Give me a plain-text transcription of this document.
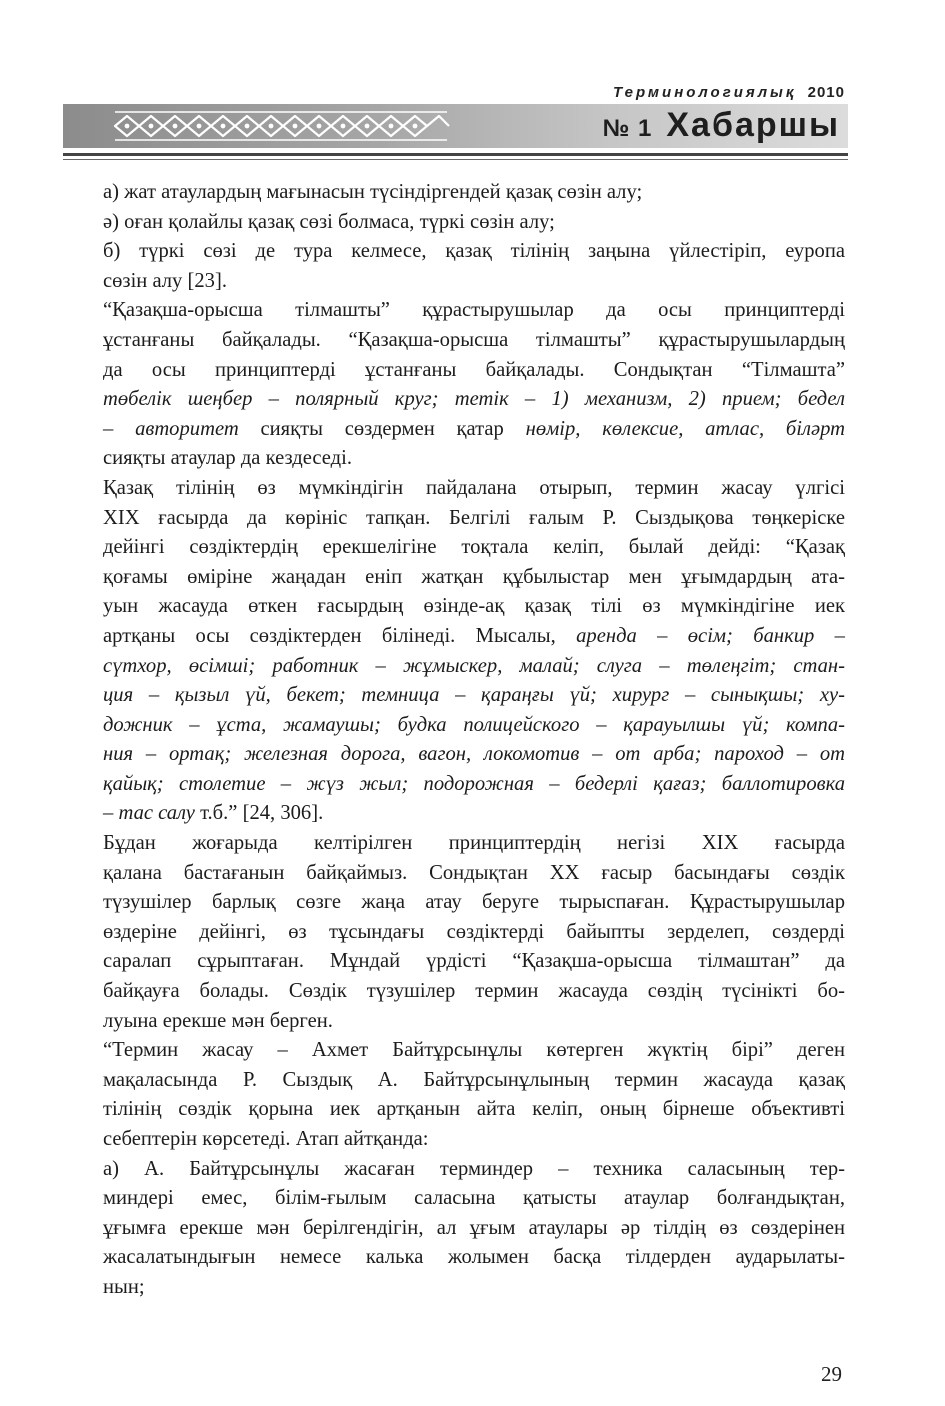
Терминологиялық 2010
№ 1 Хабаршы
а) жат атаулардың мағынасын түсіндіргендей қазақ сөзін алу;
ә) оған қолайлы қазақ сөзі болмаса, түркі сөзін алу;
б) түркі сөзі де тура келмесе, қазақ тілінің заңына үйлестіріп, еуропа
сөзін алу [23].
“Қазақша-орысша тілмашты” құрастырушылар да осы принциптерді
ұстанғаны байқалады. “Қазақша-орысша тілмашты” құрастырушылардың
да осы принциптерді ұстанғаны байқалады. Сондықтан “Тілмашта”
төбелік шеңбер – полярный круг; тетік – 1) механизм, 2) прием; бедел
– авторитет сияқты сөздермен қатар нөмір, көлексие, атлас, біләрт
сияқты атаулар да кездеседі.
Қазақ тілінің өз мүмкіндігін пайдалана отырып, термин жасау үлгісі
XIX ғасырда да көрініс тапқан. Белгілі ғалым Р. Сыздықова төңкеріске
дейінгі сөздіктердің ерекшелігіне тоқтала келіп, былай дейді: “Қазақ
қоғамы өміріне жаңадан еніп жатқан құбылыстар мен ұғымдардың ата-
уын жасауда өткен ғасырдың өзінде-ақ қазақ тілі өз мүмкіндігіне иек
артқаны осы сөздіктерден білінеді. Мысалы, аренда – өсім; банкир –
сүтхор, өсімші; работник – жұмыскер, малай; слуга – төлеңгіт; стан-
ция – қызыл үй, бекет; темница – қараңғы үй; хирург – сынықшы; ху-
дожник – ұста, жамаушы; будка полицейского – қарауылшы үй; компа-
ния – ортақ; железная дорога, вагон, локомотив – от арба; пароход – от
қайық; столетие – жүз жыл; подорожная – бедерлі қағаз; баллотировка
– тас салу т.б.” [24, 306].
Бұдан жоғарыда келтірілген принциптердің негізі XIX ғасырда
қалана бастағанын байқаймыз. Сондықтан XX ғасыр басындағы сөздік
түзушілер барлық сөзге жаңа атау беруге тырыспаған. Құрастырушылар
өздеріне дейінгі, өз тұсындағы сөздіктерді байыпты зерделеп, сөздерді
саралап сұрыптаған. Мұндай үрдісті “Қазақша-орысша тілмаштан” да
байқауға болады. Сөздік түзушілер термин жасауда сөздің түсінікті бо-
луына ерекше мән берген.
“Термин жасау – Ахмет Байтұрсынұлы көтерген жүктің бірі” деген
мақаласында Р. Сыздық А. Байтұрсынұлының термин жасауда қазақ
тілінің сөздік қорына иек артқанын айта келіп, оның бірнеше объективті
себептерін көрсетеді. Атап айтқанда:
а) А. Байтұрсынұлы жасаған терминдер – техника саласының тер-
миндері емес, білім-ғылым саласына қатысты атаулар болғандықтан,
ұғымға ерекше мән берілгендігін, ал ұғым атаулары әр тілдің өз сөздерінен
жасалатындығын немесе калька жолымен басқа тілдерден аударылаты-
нын;
29
